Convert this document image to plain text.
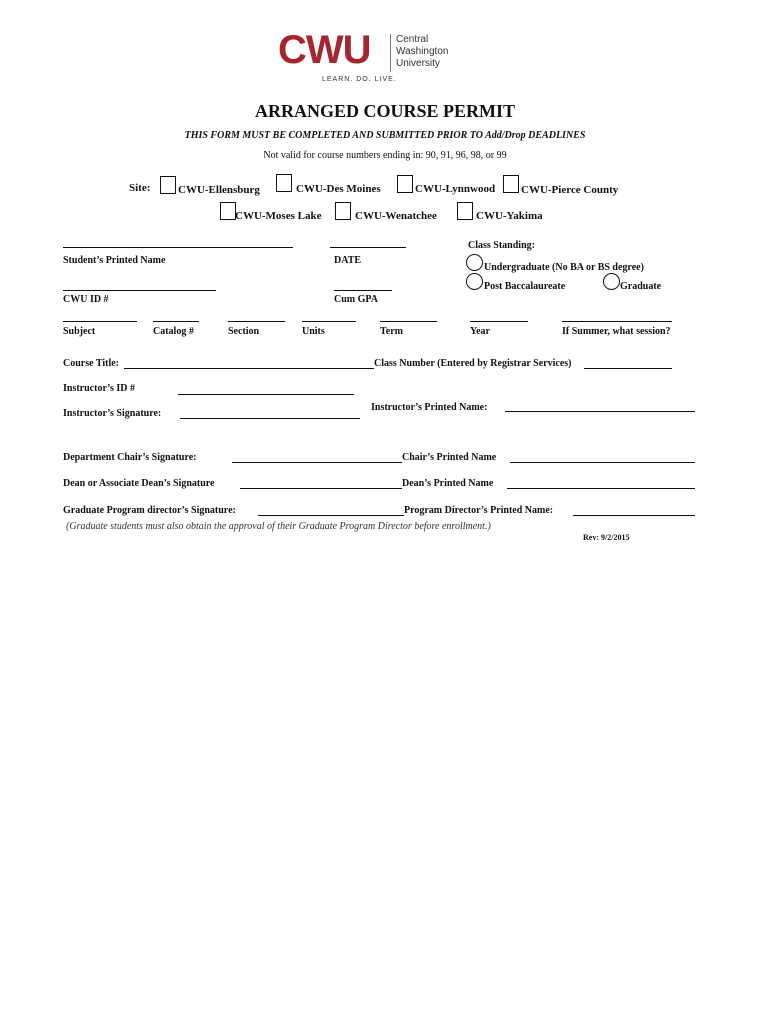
CWU	Central
Washington
University
LEARN. DO. LIVE.
ARRANGED COURSE PERMIT
THIS FORM MUST BE COMPLETED AND SUBMITTED PRIOR TO Add/Drop DEADLINES
Not valid for course numbers ending in: 90, 91, 96, 98, or 99
Site:	CWU-Ellensburg	CWU-Des Moines	CWU-Lynnwood CWU-Pierce County
CWU-Moses Lake	CWU-Wenatchee	CWU-Yakima
Student’s Printed Name	DATE
Class Standing:
Undergraduate (No BA or BS degree)
Post Baccalaureate	Graduate
CWU ID #	Cum GPA
Subject	Catalog #	Section	Units	Term	Year	If Summer, what session?
Course Title:	Class Number (Entered by Registrar Services)
Instructor’s ID #
Instructor’s Printed Name:
Instructor’s Signature:
Department Chair’s Signature:	Chair’s Printed Name
Dean or Associate Dean’s Signature	Dean’s Printed Name
Graduate Program director’s Signature:	Program Director’s Printed Name:
(Graduate students must also obtain the approval of their Graduate Program Director before enrollment.)
Rev: 9/2/2015
